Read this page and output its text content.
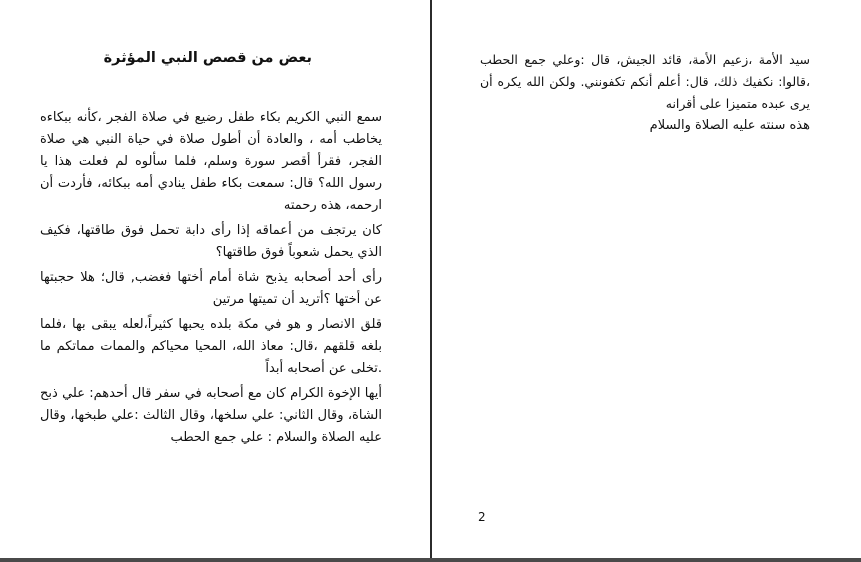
بعض من قصص النبي المؤثرة

سمع النبي الكريم بكاء طفل رضيع في صلاة الفجر ،كأنه ببكاءه يخاطب أمه ، والعادة أن أطول صلاة في حياة النبي هي صلاة الفجر، فقرأ أقصر سورة وسلم، فلما سألوه لم فعلت هذا يا رسول الله؟ قال: سمعت بكاء طفل ينادي أمه ببكائه، فأردت أن ارحمه، هذه رحمته

كان يرتجف من أعماقه إذا رأى دابة تحمل فوق طاقتها، فكيف الذي يحمل شعوباً فوق طاقتها؟

رأى أحد أصحابه يذبح شاة أمام أختها فغضب, قال؛ هلا حجبتها عن أختها ؟أتريد أن تميتها مرتين

قلق الانصار و هو في مكة بلده يحبها كثيراً،لعله يبقى بها ،فلما بلغه قلقهم ،قال: معاذ الله، المحيا محياكم والممات مماتكم ما .تخلى عن أصحابه أبداً

أيها الإخوة الكرام كان مع أصحابه في سفر قال أحدهم: علي ذبح الشاة، وقال الثاني: علي سلخها، وقال الثالث :علي طبخها، وقال عليه الصلاة والسلام : علي جمع الحطب

سيد الأمة ،زعيم الأمة، قائد الجيش، قال :وعلي جمع الحطب ،قالوا: نكفيك ذلك، قال: أعلم أنكم تكفونني. ولكن الله يكره أن يرى عبده متميزا على أقرانه

هذه سنته عليه الصلاة والسلام

2
